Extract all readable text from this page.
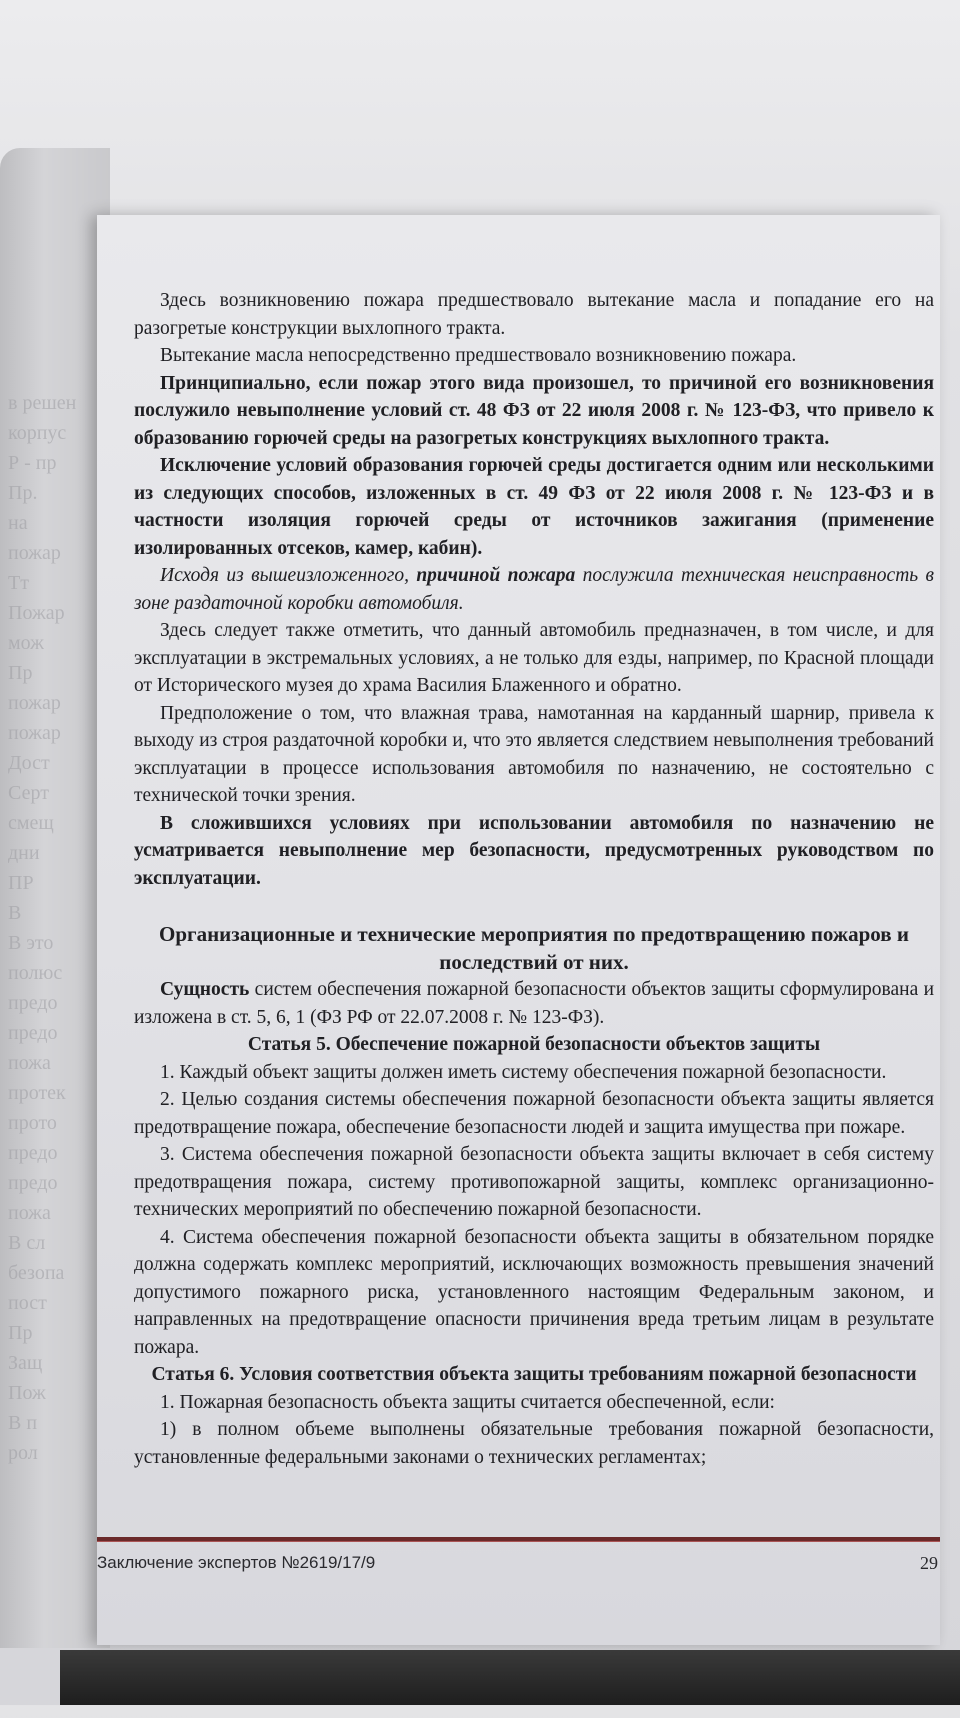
в решен
корпус
Р - пр
Пр.
на
пожар
Тт
Пожар
мож
Пр
пожар
пожар
Дост
Серт
смещ
дни
ПР
В
В это
полюс
предо
предо
пожа
протек
прото
предо
предо
пожа
В сл
безопа
пост
Пр
Защ
Пож
В п
рол

Здесь возникновению пожара предшествовало вытекание масла и попадание его на разогретые конструкции выхлопного тракта.

Вытекание масла непосредственно предшествовало возникновению пожара.

Принципиально, если пожар этого вида произошел, то причиной его возникновения послужило невыполнение условий ст. 48 ФЗ от 22 июля 2008 г. № 123-ФЗ, что привело к образованию горючей среды на разогретых конструкциях выхлопного тракта.

Исключение условий образования горючей среды достигается одним или несколькими из следующих способов, изложенных в ст. 49 ФЗ от 22 июля 2008 г. № 123-ФЗ и в частности изоляция горючей среды от источников зажигания (применение изолированных отсеков, камер, кабин).

Исходя из вышеизложенного, причиной пожара послужила техническая неисправность в зоне раздаточной коробки автомобиля.

Здесь следует также отметить, что данный автомобиль предназначен, в том числе, и для эксплуатации в экстремальных условиях, а не только для езды, например, по Красной площади от Исторического музея до храма Василия Блаженного и обратно.

Предположение о том, что влажная трава, намотанная на карданный шарнир, привела к выходу из строя раздаточной коробки и, что это является следствием невыполнения требований эксплуатации в процессе использования автомобиля по назначению, не состоятельно с технической точки зрения.

В сложившихся условиях при использовании автомобиля по назначению не усматривается невыполнение мер безопасности, предусмотренных руководством по эксплуатации.

Организационные и технические мероприятия по предотвращению пожаров и последствий от них.

Сущность систем обеспечения пожарной безопасности объектов защиты сформулирована и изложена в ст. 5, 6, 1 (ФЗ РФ от 22.07.2008 г. № 123-ФЗ).

Статья 5. Обеспечение пожарной безопасности объектов защиты

1. Каждый объект защиты должен иметь систему обеспечения пожарной безопасности.

2. Целью создания системы обеспечения пожарной безопасности объекта защиты является предотвращение пожара, обеспечение безопасности людей и защита имущества при пожаре.

3. Система обеспечения пожарной безопасности объекта защиты включает в себя систему предотвращения пожара, систему противопожарной защиты, комплекс организационно-технических мероприятий по обеспечению пожарной безопасности.

4. Система обеспечения пожарной безопасности объекта защиты в обязательном порядке должна содержать комплекс мероприятий, исключающих возможность превышения значений допустимого пожарного риска, установленного настоящим Федеральным законом, и направленных на предотвращение опасности причинения вреда третьим лицам в результате пожара.

Статья 6. Условия соответствия объекта защиты требованиям пожарной безопасности

1. Пожарная безопасность объекта защиты считается обеспеченной, если:

1) в полном объеме выполнены обязательные требования пожарной безопасности, установленные федеральными законами о технических регламентах;

Заключение экспертов №2619/17/9	29
